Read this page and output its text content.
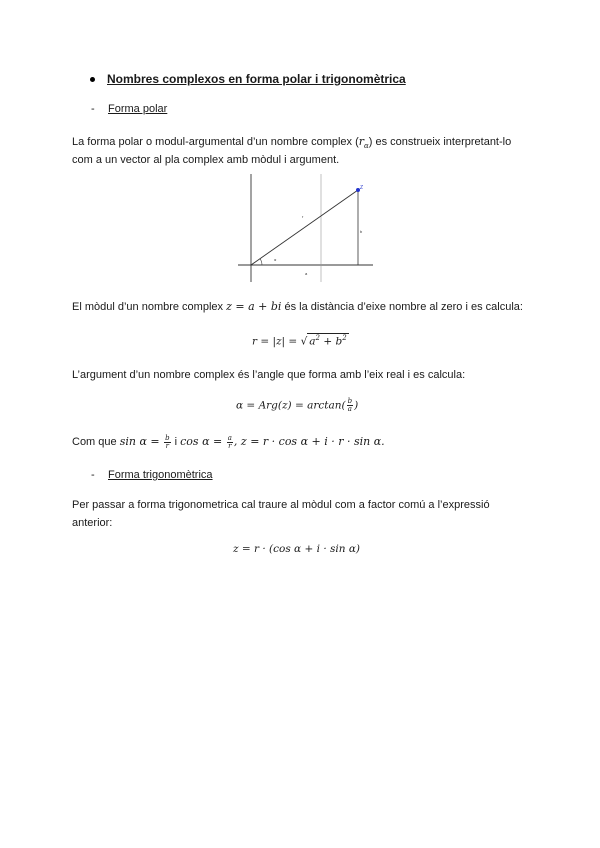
Nombres complexos en forma polar i trigonomètrica
- Forma polar
La forma polar o modul-argumental d’un nombre complex $(r_\alpha)$ es construeix interpretant-lo
com a un vector al pla complex amb mòdul i argument.
Z
b
a
α
r
El mòdul d’un nombre complex z = a + bi és la distància d’eixe nombre al zero i es calcula:
r = |z| = √ $a^2 + b^2$
L’argument d’un nombre complex és l’angle que forma amb l’eix real i es calcula:
$\alpha = Arg(z) = \arctan( \frac{b}{a}$ )
Com que $\sin \alpha = \frac{b}{r}$ i $\cos \alpha = \frac{a}{r}$ , z = r · cos α + i · r · sin α.
- Forma trigonomètrica
Per passar a forma trigonometrica cal traure al mòdul com a factor comú a l’expressió
anterior:
z = r · (cos α + i · sin α)
